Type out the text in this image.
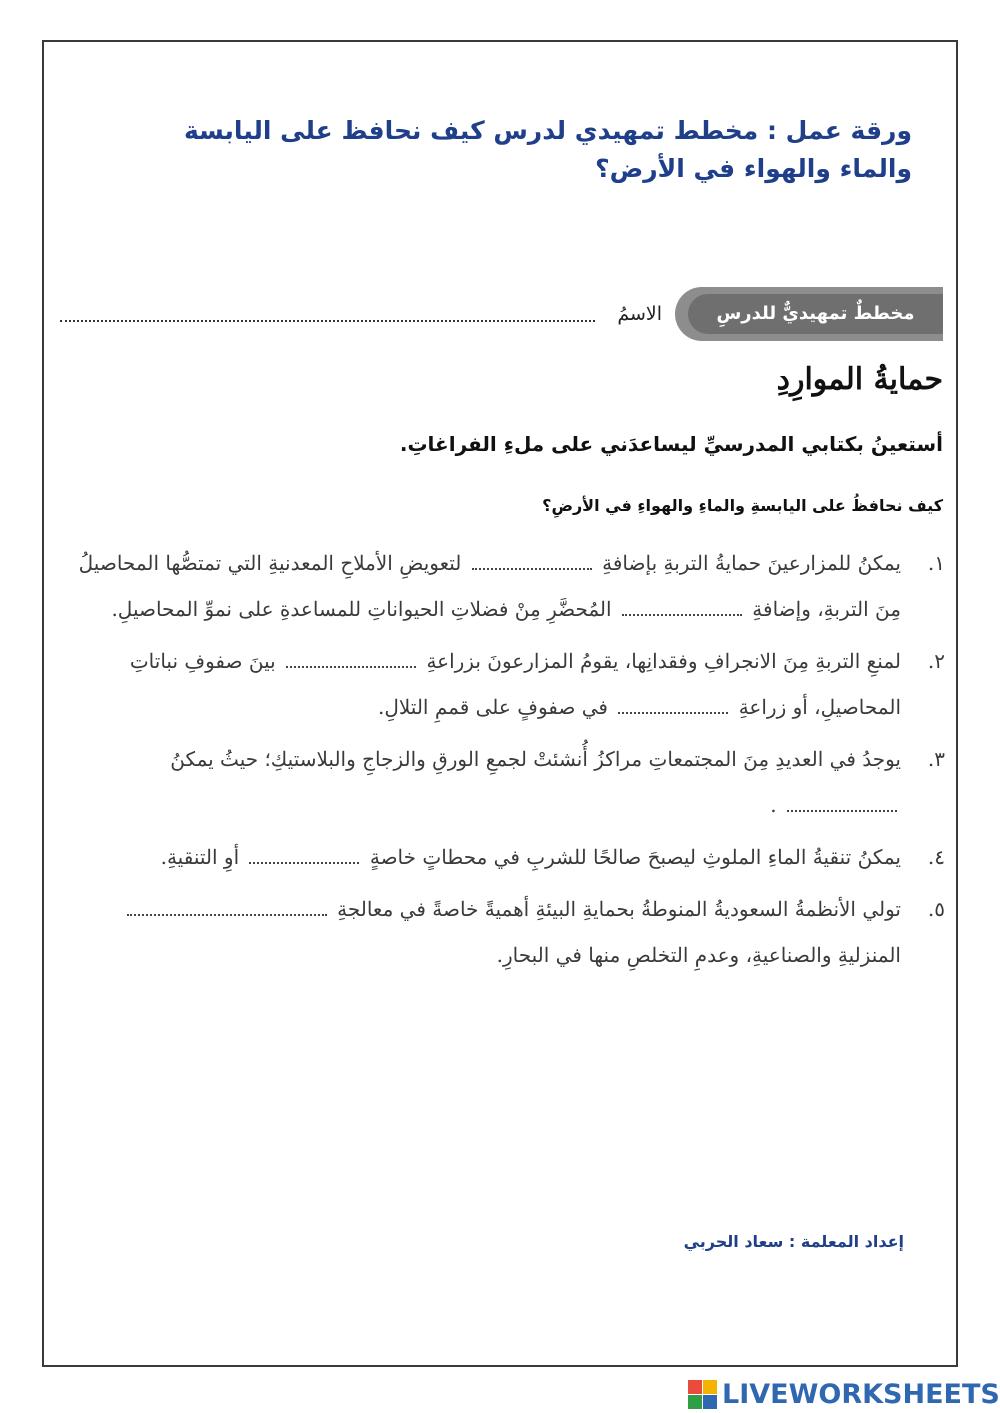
ورقة عمل : مخطط تمهيدي لدرس كيف نحافظ على اليابسة والماء والهواء في الأرض؟
مخططٌ تمهيديٌّ للدرسِ
الاسمُ
حمايةُ الموارِدِ
أستعينُ بكتابي المدرسيِّ ليساعدَني على ملءِ الفراغاتِ.
كيف نحافظُ على اليابسةِ والماءِ والهواءِ في الأرضِ؟
١.
يمكنُ للمزارعينَ حمايةُ التربةِ بإضافةِ  لتعويضِ الأملاحِ المعدنيةِ التي تمتصُّها المحاصيلُ مِنَ التربةِ، وإضافةِ  المُحضَّرِ مِنْ فضلاتِ الحيواناتِ للمساعدةِ على نموِّ المحاصيلِ.
٢.
لمنعِ التربةِ مِنَ الانجرافِ وفقدانِها، يقومُ المزارعونَ بزراعةِ  بينَ صفوفِ نباتاتِ المحاصيلِ، أو زراعةِ  في صفوفٍ على قممِ التلالِ.
٣.
يوجدُ في العديدِ مِنَ المجتمعاتِ مراكزُ أُنشئتْ لجمعِ الورقِ والزجاجِ والبلاستيكِ؛ حيثُ يمكنُ  .
٤.
يمكنُ تنقيةُ الماءِ الملوثِ ليصبحَ صالحًا للشربِ في محطاتٍ خاصةٍ  أوِ التنقيةِ.
٥.
تولي الأنظمةُ السعوديةُ المنوطةُ بحمايةِ البيئةِ أهميةً خاصةً في معالجةِ  المنزليةِ والصناعيةِ، وعدمِ التخلصِ منها في البحارِ.
إعداد المعلمة : سعاد الحربي
LIVEWORKSHEETS
